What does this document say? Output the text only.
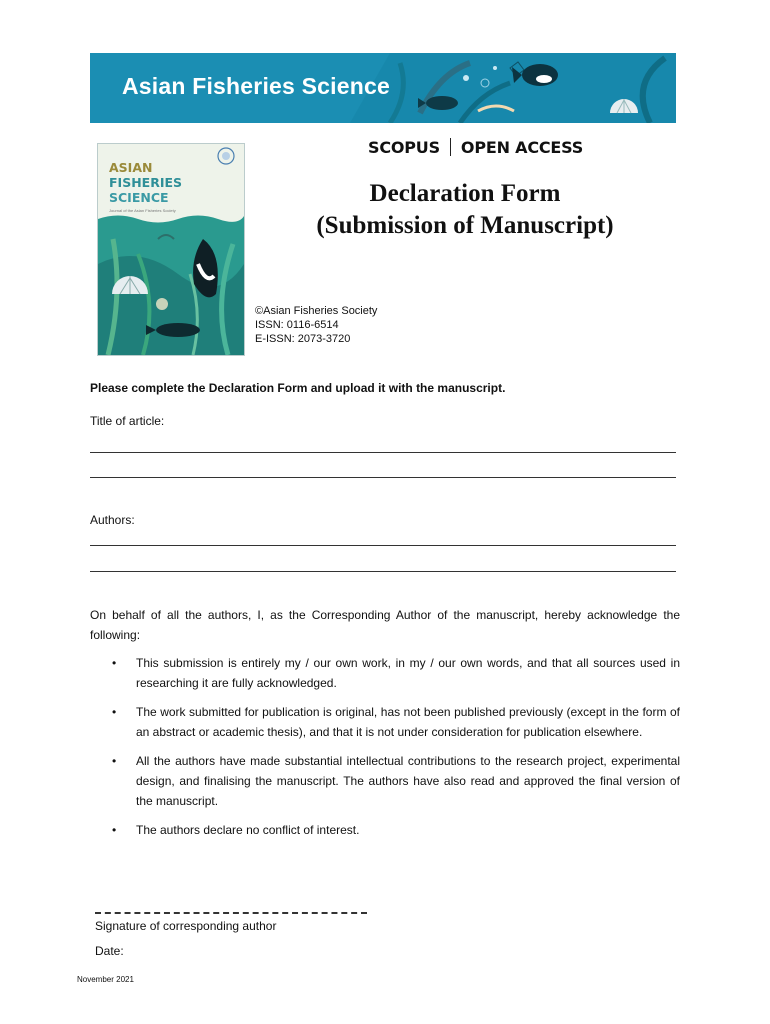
Asian Fisheries Science
ASIAN
FISHERIES
SCIENCE
Journal of the Asian Fisheries Society
SCOPUS OPEN ACCESS
Declaration Form
(Submission of Manuscript)
©Asian Fisheries Society
ISSN: 0116-6514
E-ISSN: 2073-3720
Please complete the Declaration Form and upload it with the manuscript.
Title of article:
Authors:
On behalf of all the authors, I, as the Corresponding Author of the manuscript, hereby acknowledge the following:
• This submission is entirely my / our own work, in my / our own words, and that all sources used in researching it are fully acknowledged.
• The work submitted for publication is original, has not been published previously (except in the form of an abstract or academic thesis), and that it is not under consideration for publication elsewhere.
• All the authors have made substantial intellectual contributions to the research project, experimental design, and finalising the manuscript. The authors have also read and approved the final version of the manuscript.
• The authors declare no conflict of interest.
Signature of corresponding author
Date:
November 2021
